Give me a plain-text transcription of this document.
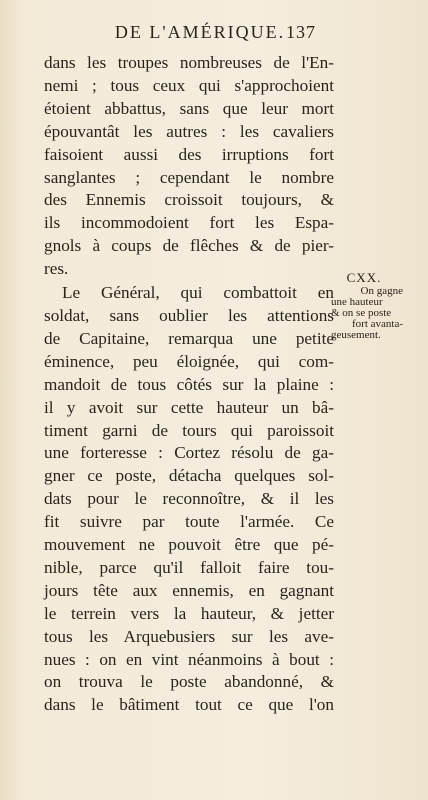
DE L'AMÉRIQUE. 137
dans les troupes nombreuses de l'En-
nemi ; tous ceux qui s'approchoient
étoient abbattus, sans que leur mort
épouvantât les autres : les cavaliers
faisoient aussi des irruptions fort
sanglantes ; cependant le nombre
des Ennemis croissoit toujours, &
ils incommodoient fort les Espa-
gnols à coups de flêches & de pier-
res.
Le Général, qui combattoit en
soldat, sans oublier les attentions
de Capitaine, remarqua une petite
éminence, peu éloignée, qui com-
mandoit de tous côtés sur la plaine :
il y avoit sur cette hauteur un bâ-
timent garni de tours qui paroissoit
une forteresse : Cortez résolu de ga-
gner ce poste, détacha quelques sol-
dats pour le reconnoître, & il les
fit suivre par toute l'armée. Ce
mouvement ne pouvoit être que pé-
nible, parce qu'il falloit faire tou-
jours tête aux ennemis, en gagnant
le terrein vers la hauteur, & jetter
tous les Arquebusiers sur les ave-
nues : on en vint néanmoins à bout :
on trouva le poste abandonné, &
dans le bâtiment tout ce que l'on
CXX.
On gagne
une hauteur
& on se poste
fort avanta-
geusement.
